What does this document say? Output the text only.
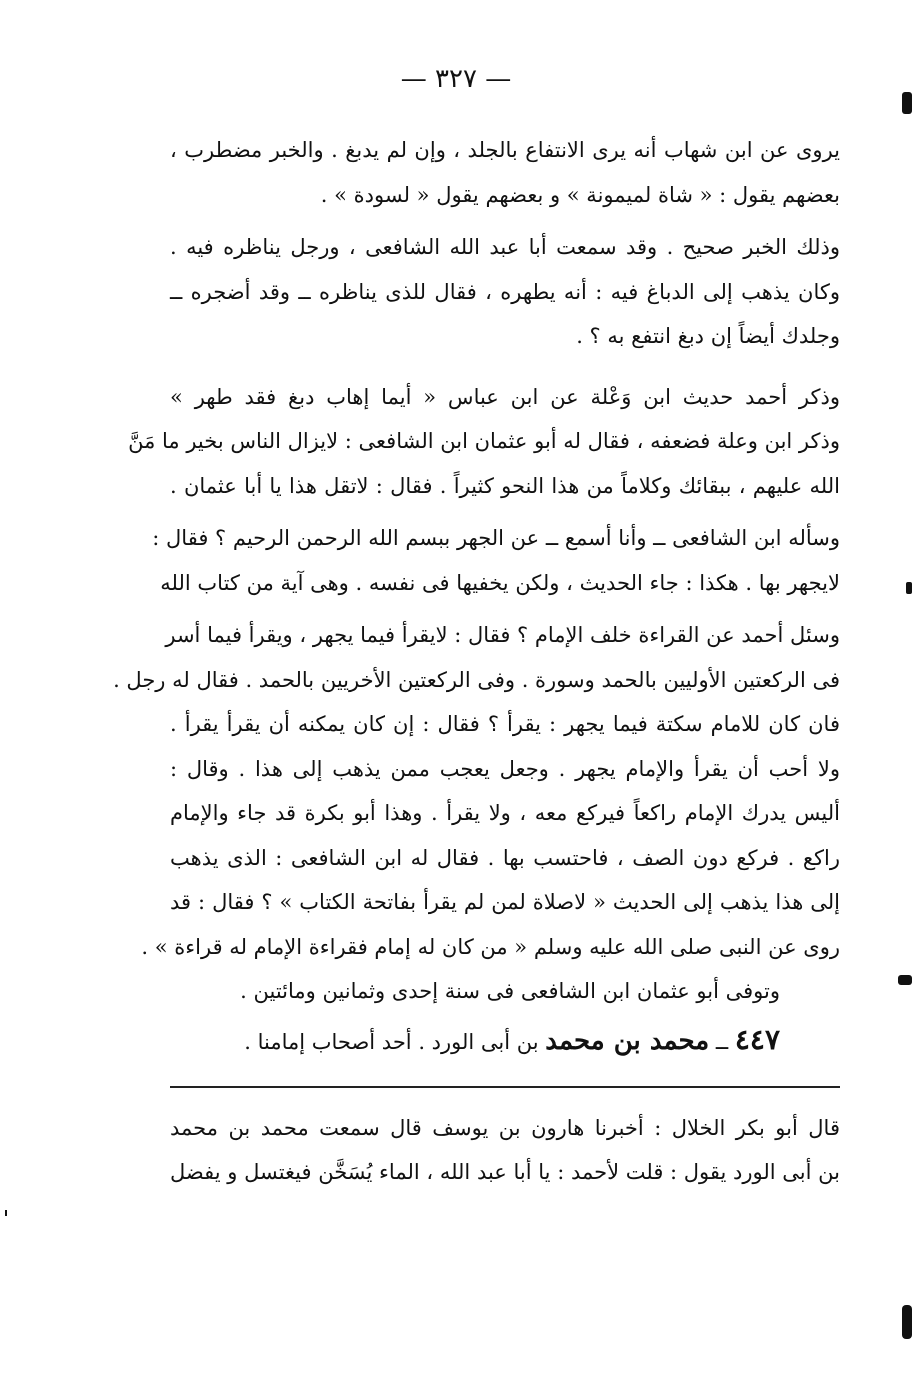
— ٣٢٧ —
يروى عن ابن شهاب أنه يرى الانتفاع بالجلد ، وإن لم يدبغ . والخبر مضطرب ،
بعضهم يقول : « شاة لميمونة » و بعضهم يقول « لسودة » .
وذلك الخبر صحيح . وقد سمعت أبا عبد الله الشافعى ، ورجل يناظره فيه .
وكان يذهب إلى الدباغ فيه : أنه يطهره ، فقال للذى يناظره ــ وقد أضجره ــ
وجلدك أيضاً إن دبغ انتفع به ؟ .
وذكر أحمد حديث ابن وَعْلة عن ابن عباس « أيما إهاب دبغ فقد طهر »
وذكر ابن وعلة فضعفه ، فقال له أبو عثمان ابن الشافعى : لايزال الناس بخير ما مَنَّ
الله عليهم ، ببقائك وكلاماً من هذا النحو كثيراً . فقال : لاتقل هذا يا أبا عثمان .
وسأله ابن الشافعى ــ وأنا أسمع ــ عن الجهر ببسم الله الرحمن الرحيم ؟ فقال :
لايجهر بها . هكذا : جاء الحديث ، ولكن يخفيها فى نفسه . وهى آية من كتاب الله
وسئل أحمد عن القراءة خلف الإمام ؟ فقال : لايقرأ فيما يجهر ، ويقرأ فيما أسر
فى الركعتين الأوليين بالحمد وسورة . وفى الركعتين الأخريين بالحمد . فقال له رجل .
فان كان للامام سكتة فيما يجهر : يقرأ ؟ فقال : إن كان يمكنه أن يقرأ يقرأ .
ولا أحب أن يقرأ والإمام يجهر . وجعل يعجب ممن يذهب إلى هذا . وقال :
أليس يدرك الإمام راكعاً فيركع معه ، ولا يقرأ . وهذا أبو بكرة قد جاء والإمام
راكع . فركع دون الصف ، فاحتسب بها . فقال له ابن الشافعى : الذى يذهب
إلى هذا يذهب إلى الحديث « لاصلاة لمن لم يقرأ بفاتحة الكتاب » ؟ فقال : قد
روى عن النبى صلى الله عليه وسلم « من كان له إمام فقراءة الإمام له قراءة » .
وتوفى أبو عثمان ابن الشافعى فى سنة إحدى وثمانين ومائتين .
٤٤٧ ــ محمد بن محمد بن أبى الورد . أحد أصحاب إمامنا .
قال أبو بكر الخلال : أخبرنا هارون بن يوسف قال سمعت محمد بن محمد
بن أبى الورد يقول : قلت لأحمد : يا أبا عبد الله ، الماء يُسَخَّن فيغتسل و يفضل
